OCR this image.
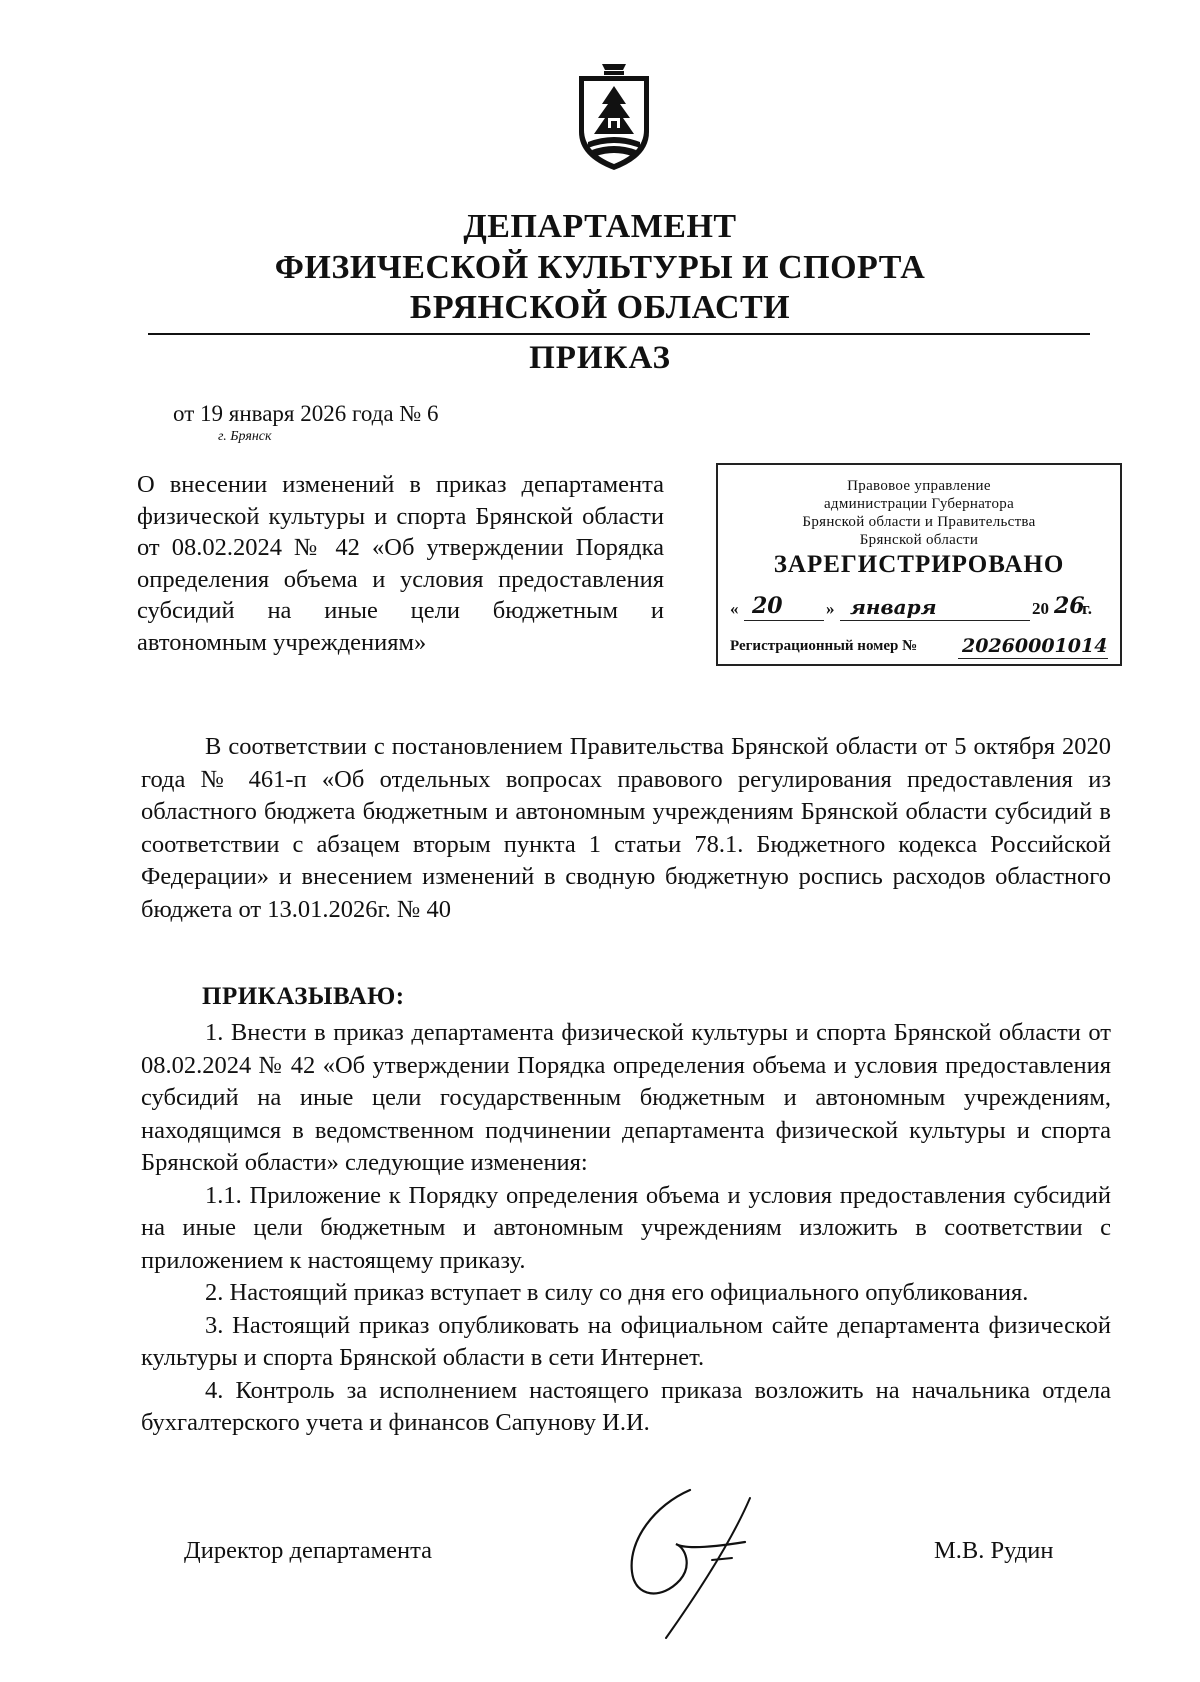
ДЕПАРТАМЕНТ
ФИЗИЧЕСКОЙ КУЛЬТУРЫ И СПОРТА
БРЯНСКОЙ ОБЛАСТИ
ПРИКАЗ
от 19 января 2026 года № 6
г. Брянск
О внесении изменений в приказ департамента физической культуры и спорта Брянской области от 08.02.2024 № 42 «Об утверждении Порядка определения объема и условия предоставления субсидий на иные цели бюджетным и автономным учреждениям»
Правовое управление
администрации Губернатора
Брянской области и Правительства
Брянской области
ЗАРЕГИСТРИРОВАНО
« 20	» января	20 26
г.
Регистрационный номер № 20260001014
В соответствии с постановлением Правительства Брянской области от 5 октября 2020 года № 461-п «Об отдельных вопросах правового регулирования предоставления из областного бюджета бюджетным и автономным учреждениям Брянской области субсидий в соответствии с абзацем вторым пункта 1 статьи 78.1. Бюджетного кодекса Российской Федерации» и внесением изменений в сводную бюджетную роспись расходов областного бюджета от 13.01.2026г. № 40
ПРИКАЗЫВАЮ:

1. Внести в приказ департамента физической культуры и спорта Брянской области от 08.02.2024 № 42 «Об утверждении Порядка определения объема и условия предоставления субсидий на иные цели государственным бюджетным и автономным учреждениям, находящимся в ведомственном подчинении департамента физической культуры и спорта Брянской области» следующие изменения:

1.1. Приложение к Порядку определения объема и условия предоставления субсидий на иные цели бюджетным и автономным учреждениям изложить в соответствии с приложением к настоящему приказу.

2. Настоящий приказ вступает в силу со дня его официального опубликования.

3. Настоящий приказ опубликовать на официальном сайте департамента физической культуры и спорта Брянской области в сети Интернет.

4. Контроль за исполнением настоящего приказа возложить на начальника отдела бухгалтерского учета и финансов Сапунову И.И.

Директор департамента	М.В. Рудин
